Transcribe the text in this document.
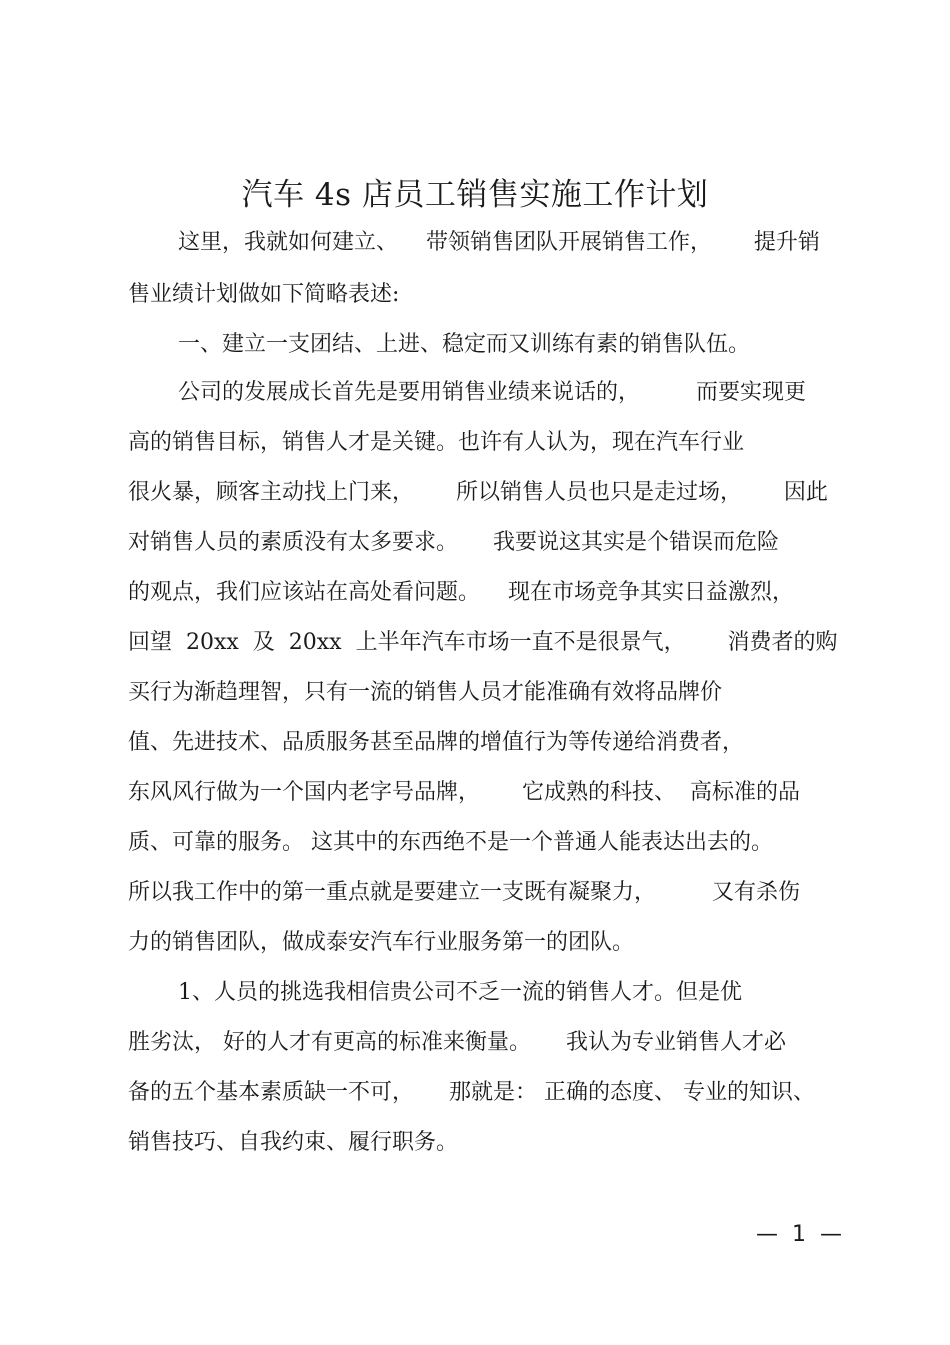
汽车 4s 店员工销售实施工作计划
这里，我就如何建立、    带领销售团队开展销售工作，      提升销
售业绩计划做如下简略表述:
一、建立一支团结、上进、稳定而又训练有素的销售队伍。
公司的发展成长首先是要用销售业绩来说话的，        而要实现更
高的销售目标，销售人才是关键。也许有人认为，现在汽车行业
很火暴，顾客主动找上门来，      所以销售人员也只是走过场，      因此
对销售人员的素质没有太多要求。     我要说这其实是个错误而危险
的观点，我们应该站在高处看问题。    现在市场竞争其实日益激烈，
回望  20xx  及  20xx  上半年汽车市场一直不是很景气，      消费者的购
买行为渐趋理智，只有一流的销售人员才能准确有效将品牌价
值、先进技术、品质服务甚至品牌的增值行为等传递给消费者，
东风风行做为一个国内老字号品牌，      它成熟的科技、  高标准的品
质、可靠的服务。 这其中的东西绝不是一个普通人能表达出去的。
所以我工作中的第一重点就是要建立一支既有凝聚力，        又有杀伤
力的销售团队，做成泰安汽车行业服务第一的团队。
1、人员的挑选我相信贵公司不乏一流的销售人才。但是优
胜劣汰， 好的人才有更高的标准来衡量。     我认为专业销售人才必
备的五个基本素质缺一不可，     那就是： 正确的态度、 专业的知识、
销售技巧、自我约束、履行职务。
—  1  —
